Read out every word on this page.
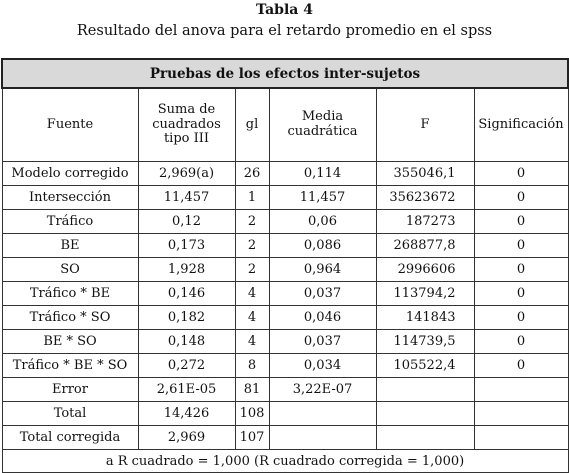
Tabla 4
Resultado del anova para el retardo promedio en el spss
Pruebas de los efectos inter-sujetos					
Fuente	Suma de cuadrados tipo III	gl	Media cuadrática	F	Significación
Modelo corregido	2,969(a)	26	0,114	355046,1	0
Intersección	11,457	1	11,457	35623672	0
Tráfico	0,12	2	0,06	187273	0
BE	0,173	2	0,086	268877,8	0
SO	1,928	2	0,964	2996606	0
Tráfico * BE	0,146	4	0,037	113794,2	0
Tráfico * SO	0,182	4	0,046	141843	0
BE * SO	0,148	4	0,037	114739,5	0
Tráfico * BE * SO	0,272	8	0,034	105522,4	0
Error	2,61E-05	81	3,22E-07		
Total	14,426	108			
Total corregida	2,969	107			
a R cuadrado = 1,000 (R cuadrado corregida = 1,000)					
